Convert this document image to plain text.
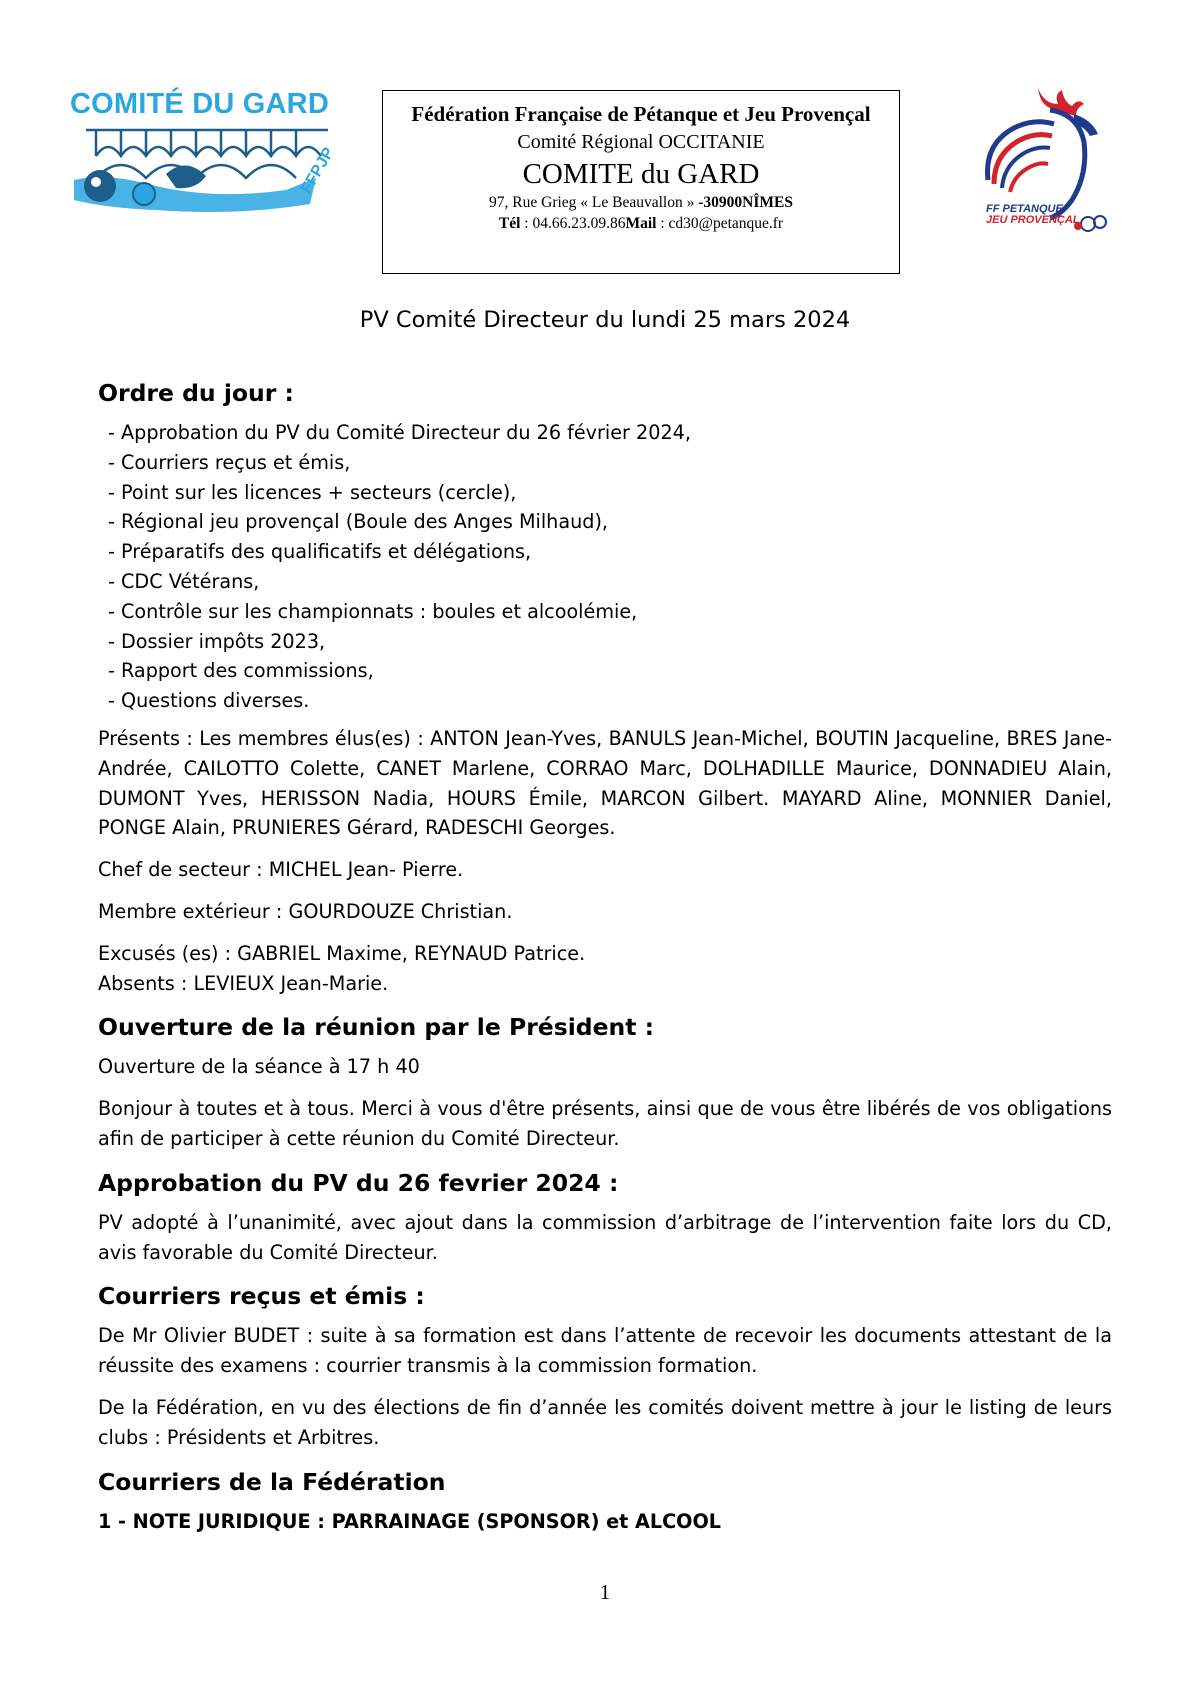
COMITÉ DU GARD
FFPJP
Fédération Française de Pétanque et Jeu Provençal
Comité Régional OCCITANIE
COMITE du GARD
97, Rue Grieg « Le Beauvallon » -30900NÎMES
Tél : 04.66.23.09.86Mail : cd30@petanque.fr
FF PETANQUE
JEU PROVENÇAL
PV Comité Directeur du lundi 25 mars 2024
Ordre du jour :
- Approbation du PV du Comité Directeur du 26 février 2024,
- Courriers reçus et émis,
- Point sur les licences + secteurs (cercle),
- Régional jeu provençal (Boule des Anges Milhaud),
- Préparatifs des qualificatifs et délégations,
- CDC Vétérans,
- Contrôle sur les championnats : boules et alcoolémie,
- Dossier impôts 2023,
- Rapport des commissions,
- Questions diverses.

Présents : Les membres élus(es) : ANTON Jean-Yves, BANULS Jean-Michel, BOUTIN Jacqueline, BRES Jane-Andrée, CAILOTTO Colette, CANET Marlene, CORRAO Marc, DOLHADILLE Maurice, DONNADIEU Alain, DUMONT Yves, HERISSON Nadia, HOURS Émile, MARCON Gilbert. MAYARD Aline, MONNIER Daniel, PONGE Alain, PRUNIERES Gérard, RADESCHI Georges.

Chef de secteur : MICHEL Jean- Pierre.

Membre extérieur : GOURDOUZE Christian.

Excusés (es) : GABRIEL Maxime, REYNAUD Patrice.

Absents : LEVIEUX Jean-Marie.

Ouverture de la réunion par le Président :

Ouverture de la séance à 17 h 40

Bonjour à toutes et à tous. Merci à vous d'être présents, ainsi que de vous être libérés de vos obligations afin de participer à cette réunion du Comité Directeur.

Approbation du PV du 26 fevrier 2024 :

PV adopté à l’unanimité, avec ajout dans la commission d’arbitrage de l’intervention faite lors du CD, avis favorable du Comité Directeur.

Courriers reçus et émis :

De Mr Olivier BUDET : suite à sa formation est dans l’attente de recevoir les documents attestant de la réussite des examens : courrier transmis à la commission formation.

De la Fédération, en vu des élections de fin d’année les comités doivent mettre à jour le listing de leurs clubs : Présidents et Arbitres.

Courriers de la Fédération
1 - NOTE JURIDIQUE : PARRAINAGE (SPONSOR) et ALCOOL
1
